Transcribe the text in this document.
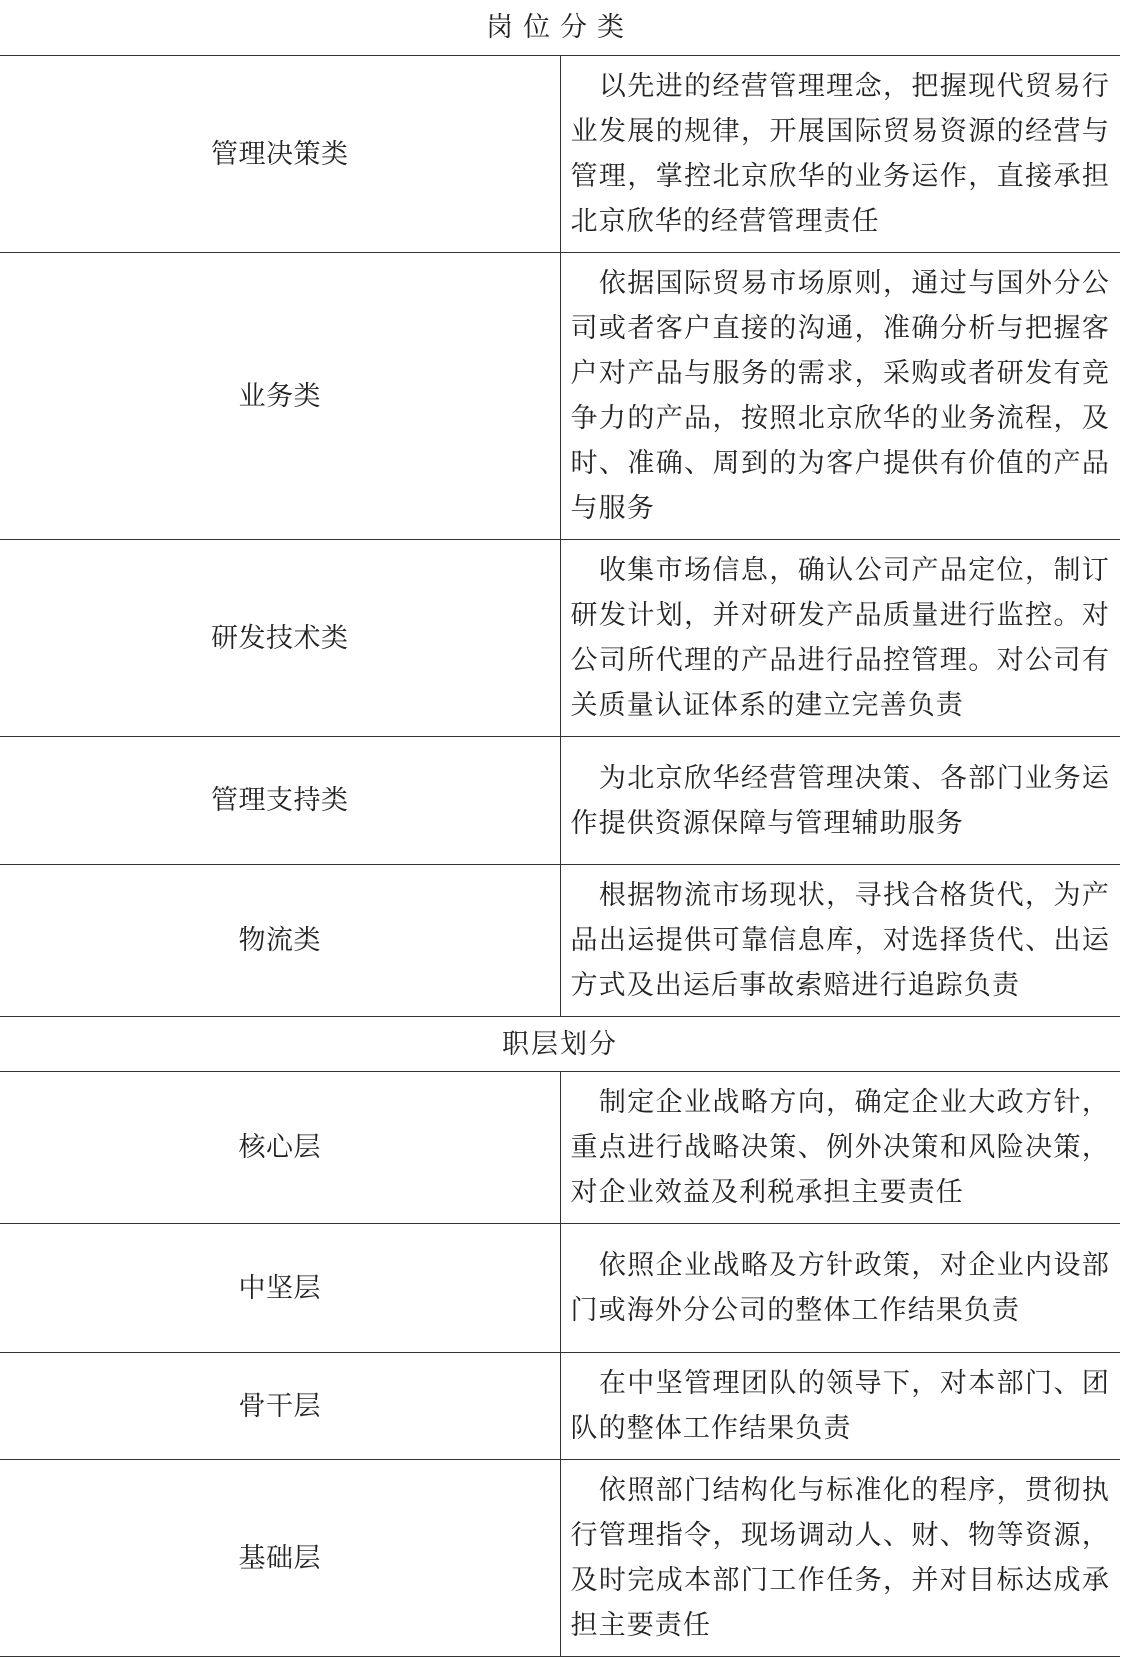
岗位分类	
管理决策类	以先进的经营管理理念，把握现代贸易行业发展的规律，开展国际贸易资源的经营与管理，掌控北京欣华的业务运作，直接承担北京欣华的经营管理责任
业务类	依据国际贸易市场原则，通过与国外分公司或者客户直接的沟通，准确分析与把握客户对产品与服务的需求，采购或者研发有竞争力的产品，按照北京欣华的业务流程，及时、准确、周到的为客户提供有价值的产品与服务
研发技术类	收集市场信息，确认公司产品定位，制订研发计划，并对研发产品质量进行监控。对公司所代理的产品进行品控管理。对公司有关质量认证体系的建立完善负责
管理支持类	为北京欣华经营管理决策、各部门业务运作提供资源保障与管理辅助服务
物流类	根据物流市场现状，寻找合格货代，为产品出运提供可靠信息库，对选择货代、出运方式及出运后事故索赔进行追踪负责
职层划分	
核心层	制定企业战略方向，确定企业大政方针，重点进行战略决策、例外决策和风险决策，对企业效益及利税承担主要责任
中坚层	依照企业战略及方针政策，对企业内设部门或海外分公司的整体工作结果负责
骨干层	在中坚管理团队的领导下，对本部门、团队的整体工作结果负责
基础层	依照部门结构化与标准化的程序，贯彻执行管理指令，现场调动人、财、物等资源，及时完成本部门工作任务，并对目标达成承担主要责任
